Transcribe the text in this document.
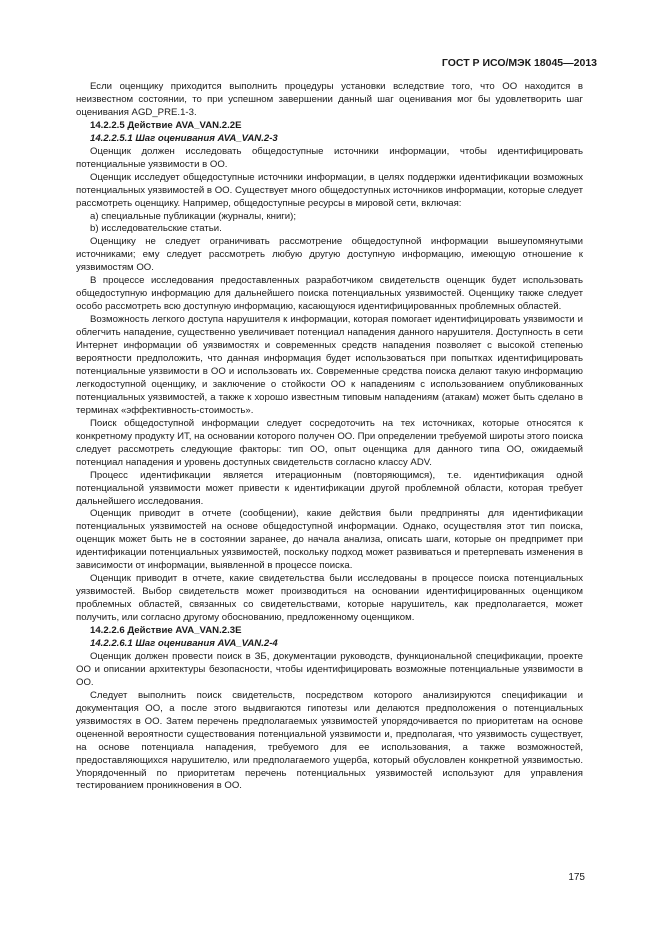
ГОСТ Р ИСО/МЭК 18045—2013

Если оценщику приходится выполнить процедуры установки вследствие того, что ОО находится в неизвестном состоянии, то при успешном завершении данный шаг оценивания мог бы удовлетворить шаг оценивания AGD_PRE.1-3.

14.2.2.5 Действие AVA_VAN.2.2E

14.2.2.5.1 Шаг оценивания AVA_VAN.2-3

Оценщик должен исследовать общедоступные источники информации, чтобы идентифицировать потенциальные уязвимости в ОО.

Оценщик исследует общедоступные источники информации, в целях поддержки идентификации возможных потенциальных уязвимостей в ОО. Существует много общедоступных источников информации, которые следует рассмотреть оценщику. Например, общедоступные ресурсы в мировой сети, включая:

a) специальные публикации (журналы, книги);

b) исследовательские статьи.

Оценщику не следует ограничивать рассмотрение общедоступной информации вышеупомянутыми источниками; ему следует рассмотреть любую другую доступную информацию, имеющую отношение к уязвимостям ОО.

В процессе исследования предоставленных разработчиком свидетельств оценщик будет использовать общедоступную информацию для дальнейшего поиска потенциальных уязвимостей. Оценщику также следует особо рассмотреть всю доступную информацию, касающуюся идентифицированных проблемных областей.

Возможность легкого доступа нарушителя к информации, которая помогает идентифицировать уязвимости и облегчить нападение, существенно увеличивает потенциал нападения данного нарушителя. Доступность в сети Интернет информации об уязвимостях и современных средств нападения позволяет с высокой степенью вероятности предположить, что данная информация будет использоваться при попытках идентифицировать потенциальные уязвимости в ОО и использовать их. Современные средства поиска делают такую информацию легкодоступной оценщику, и заключение о стойкости ОО к нападениям с использованием опубликованных потенциальных уязвимостей, а также к хорошо известным типовым нападениям (атакам) может быть сделано в терминах «эффективность-стоимость».

Поиск общедоступной информации следует сосредоточить на тех источниках, которые относятся к конкретному продукту ИТ, на основании которого получен ОО. При определении требуемой широты этого поиска следует рассмотреть следующие факторы: тип ОО, опыт оценщика для данного типа ОО, ожидаемый потенциал нападения и уровень доступных свидетельств согласно классу ADV.

Процесс идентификации является итерационным (повторяющимся), т.е. идентификация одной потенциальной уязвимости может привести к идентификации другой проблемной области, которая требует дальнейшего исследования.

Оценщик приводит в отчете (сообщении), какие действия были предприняты для идентификации потенциальных уязвимостей на основе общедоступной информации. Однако, осуществляя этот тип поиска, оценщик может быть не в состоянии заранее, до начала анализа, описать шаги, которые он предпримет при идентификации потенциальных уязвимостей, поскольку подход может развиваться и претерпевать изменения в зависимости от информации, выявленной в процессе поиска.

Оценщик приводит в отчете, какие свидетельства были исследованы в процессе поиска потенциальных уязвимостей. Выбор свидетельств может производиться на основании идентифицированных оценщиком проблемных областей, связанных со свидетельствами, которые нарушитель, как предполагается, может получить, или согласно другому обоснованию, предложенному оценщиком.

14.2.2.6 Действие AVA_VAN.2.3E

14.2.2.6.1 Шаг оценивания AVA_VAN.2-4

Оценщик должен провести поиск в ЗБ, документации руководств, функциональной спецификации, проекте ОО и описании архитектуры безопасности, чтобы идентифицировать возможные потенциальные уязвимости в ОО.

Следует выполнить поиск свидетельств, посредством которого анализируются спецификации и документация ОО, а после этого выдвигаются гипотезы или делаются предположения о потенциальных уязвимостях в ОО. Затем перечень предполагаемых уязвимостей упорядочивается по приоритетам на основе оцененной вероятности существования потенциальной уязвимости и, предполагая, что уязвимость существует, на основе потенциала нападения, требуемого для ее использования, а также возможностей, предоставляющихся нарушителю, или предполагаемого ущерба, который обусловлен конкретной уязвимостью. Упорядоченный по приоритетам перечень потенциальных уязвимостей используют для управления тестированием проникновения в ОО.

175
